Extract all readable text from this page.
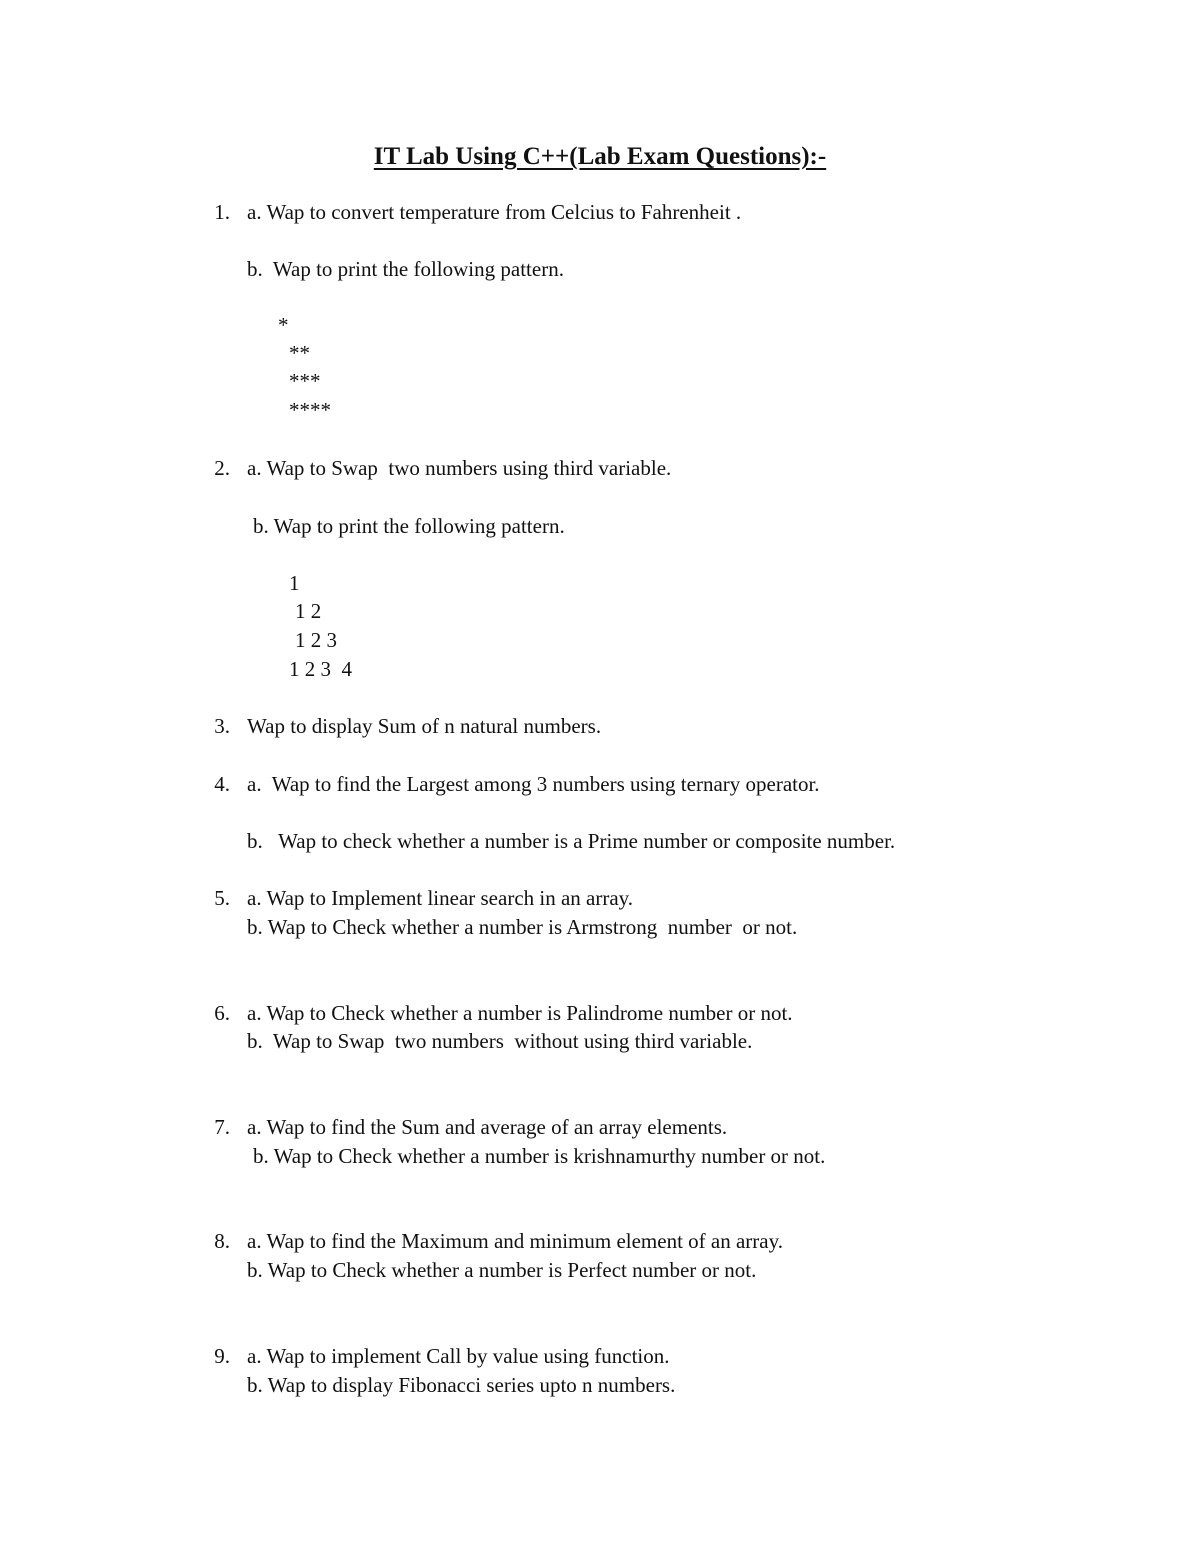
IT Lab Using C++(Lab Exam Questions):-
1. a. Wap to convert temperature from Celcius to Fahrenheit .
b.  Wap to print the following pattern.
*
**
***
****
2. a. Wap to Swap  two numbers using third variable.
b. Wap to print the following pattern.
1
1 2
1 2 3
1 2 3  4
3. Wap to display Sum of n natural numbers.
4. a.  Wap to find the Largest among 3 numbers using ternary operator.
b.   Wap to check whether a number is a Prime number or composite number.
5. a. Wap to Implement linear search in an array.
b. Wap to Check whether a number is Armstrong  number  or not.
6. a. Wap to Check whether a number is Palindrome number or not.
b.  Wap to Swap  two numbers  without using third variable.
7. a. Wap to find the Sum and average of an array elements.
b. Wap to Check whether a number is krishnamurthy number or not.
8. a. Wap to find the Maximum and minimum element of an array.
b. Wap to Check whether a number is Perfect number or not.
9. a. Wap to implement Call by value using function.
b. Wap to display Fibonacci series upto n numbers.
